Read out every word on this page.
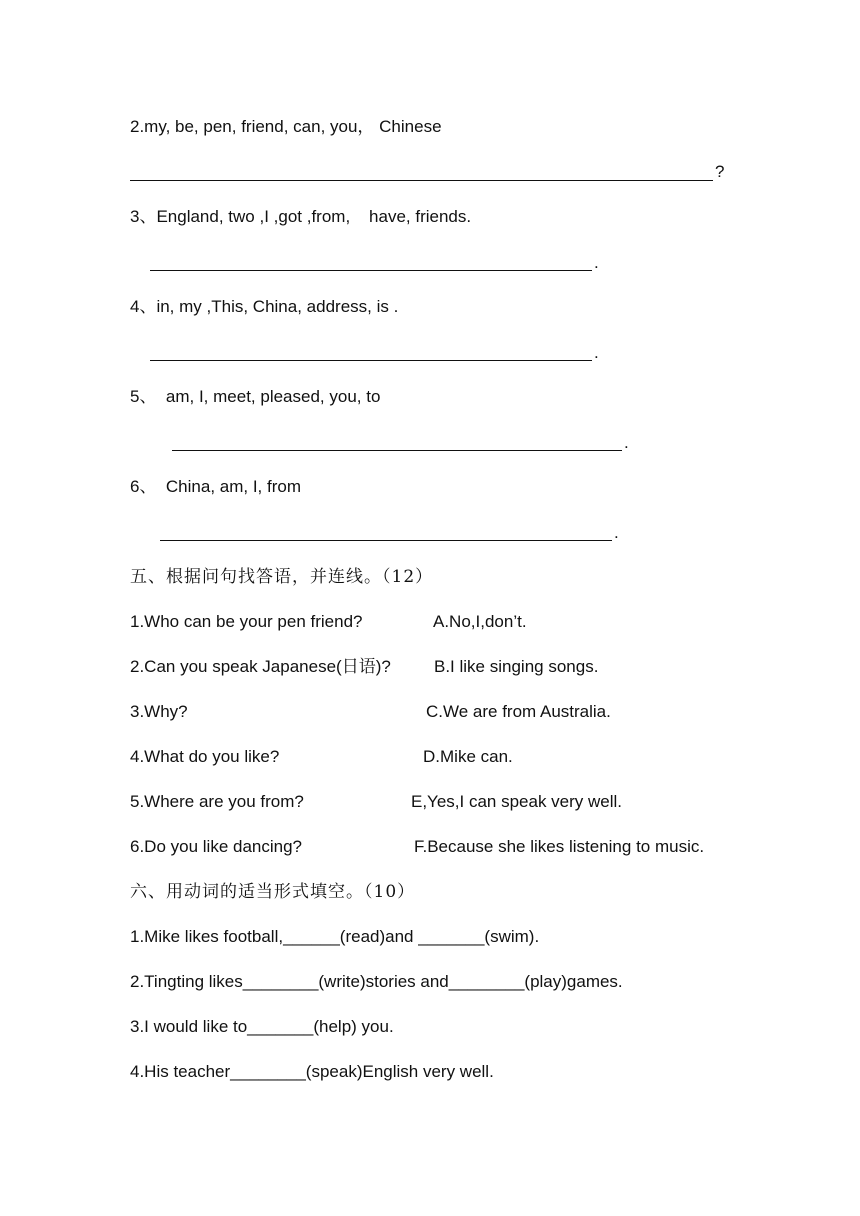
2.my, be, pen, friend, can, you， Chinese
?
3、England, two ,I ,got ,from,    have, friends.
.
4、in, my ,This, China, address, is .
.
5、  am, I, meet, pleased, you, to
.
6、  China, am, I, from
.
五、根据问句找答语，并连线。（12）
1.Who can be your pen friend?	A.No,I,don’t.
2.Can you speak Japanese(日语)?	B.I like singing songs.
3.Why?	C.We are from Australia.
4.What do you like?	D.Mike can.
5.Where are you from?	E,Yes,I can speak very well.
6.Do you like dancing?	F.Because she likes listening to music.
六、用动词的适当形式填空。（10）
1.Mike likes football,______(read)and _______(swim).
2.Tingting likes________(write)stories and________(play)games.
3.I would like to_______(help) you.
4.His teacher________(speak)English very well.
